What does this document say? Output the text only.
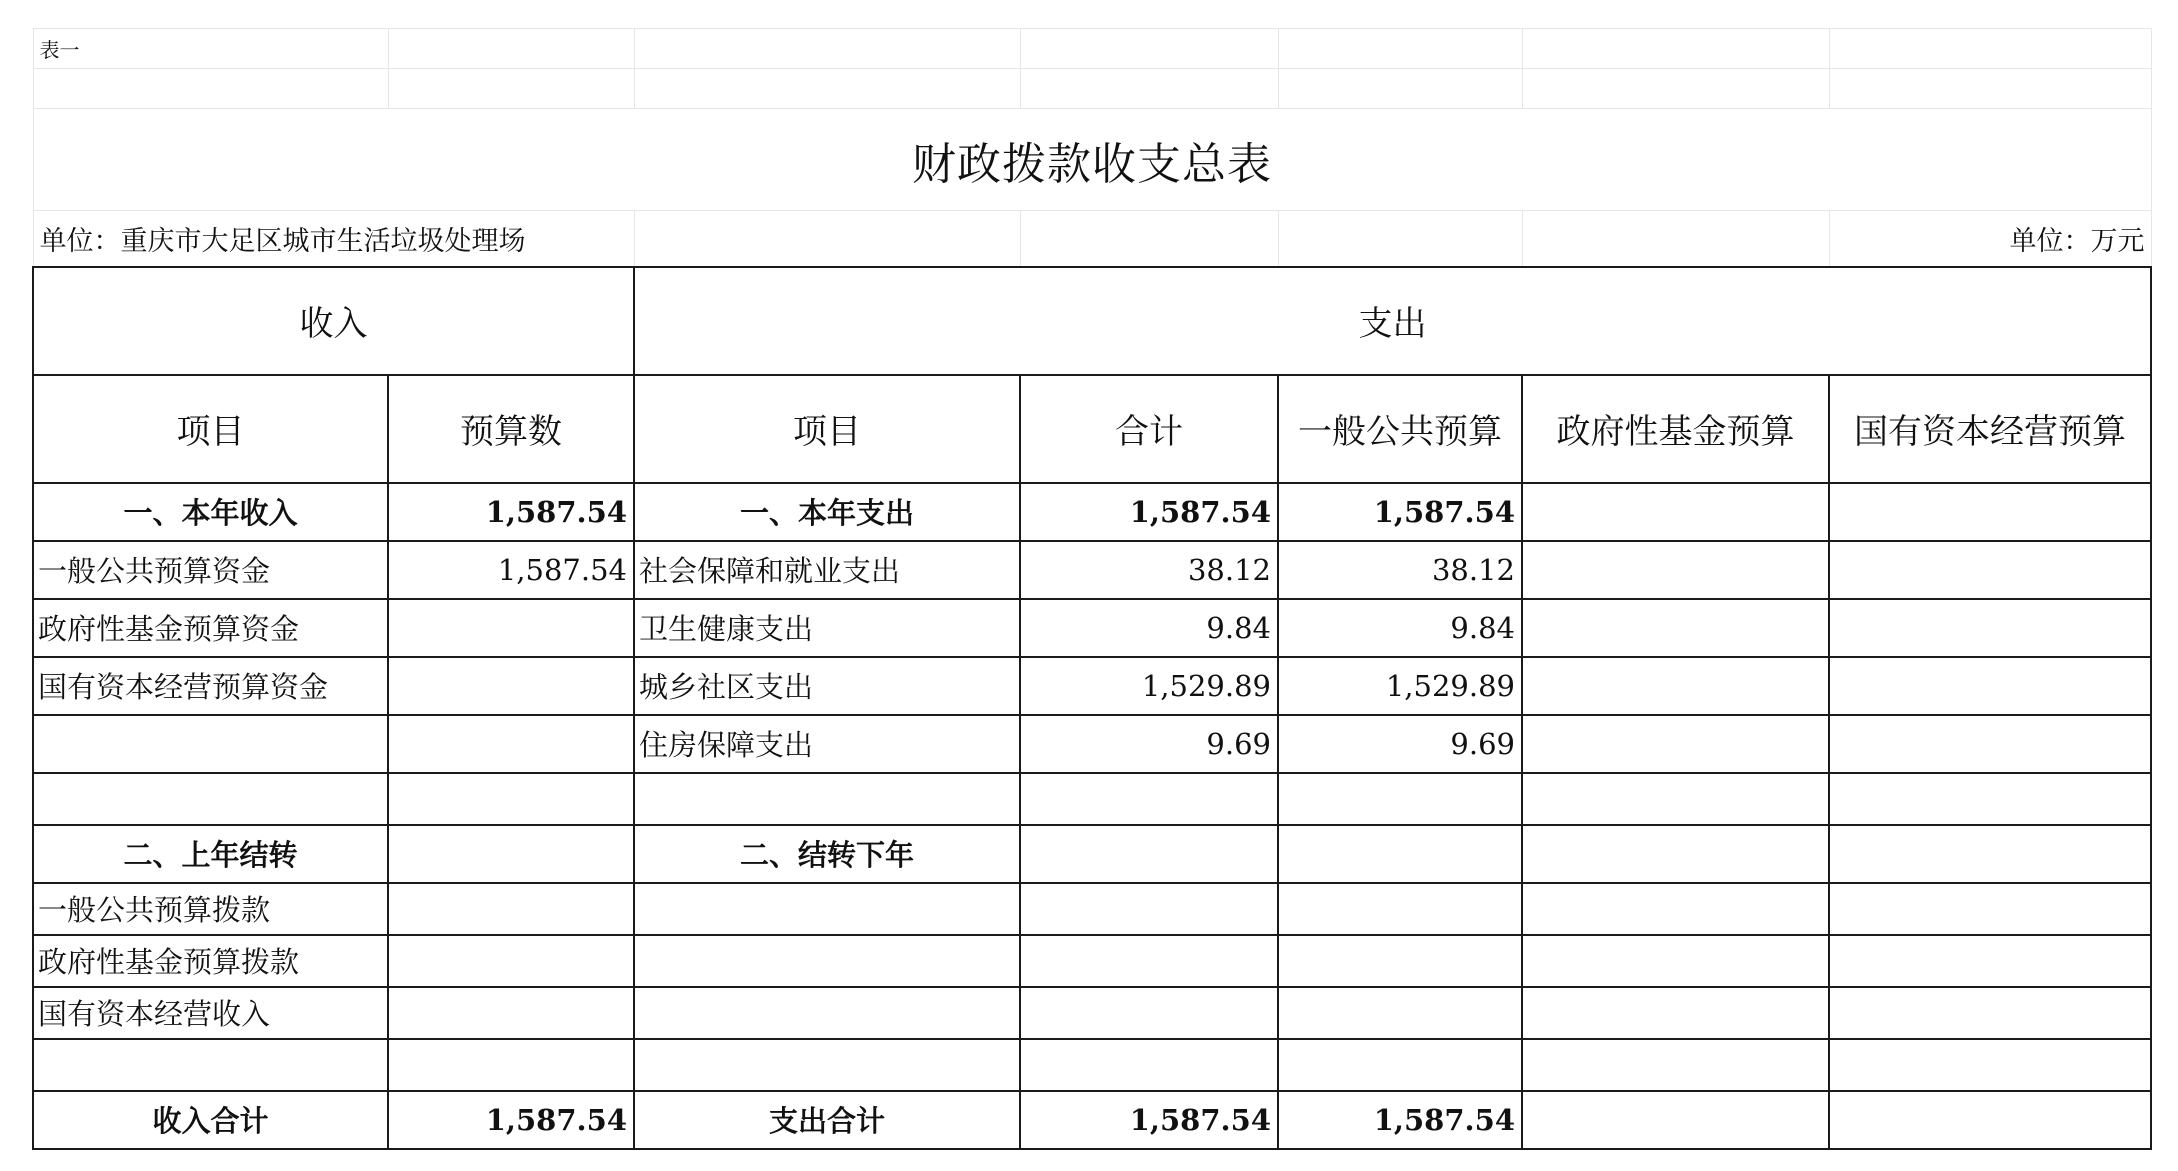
表一						

财政拨款收支总表						
单位：重庆市大足区城市生活垃圾处理场						单位：万元
收入		支出				
项目	预算数	项目	合计	一般公共预算	政府性基金预算	国有资本经营预算
一、本年收入	1,587.54	一、本年支出	1,587.54	1,587.54		
一般公共预算资金	1,587.54	社会保障和就业支出	38.12	38.12		
政府性基金预算资金		卫生健康支出	9.84	9.84		
国有资本经营预算资金		城乡社区支出	1,529.89	1,529.89		
		住房保障支出	9.69	9.69		

二、上年结转		二、结转下年				
一般公共预算拨款						
政府性基金预算拨款						
国有资本经营收入						

收入合计	1,587.54	支出合计	1,587.54	1,587.54		
